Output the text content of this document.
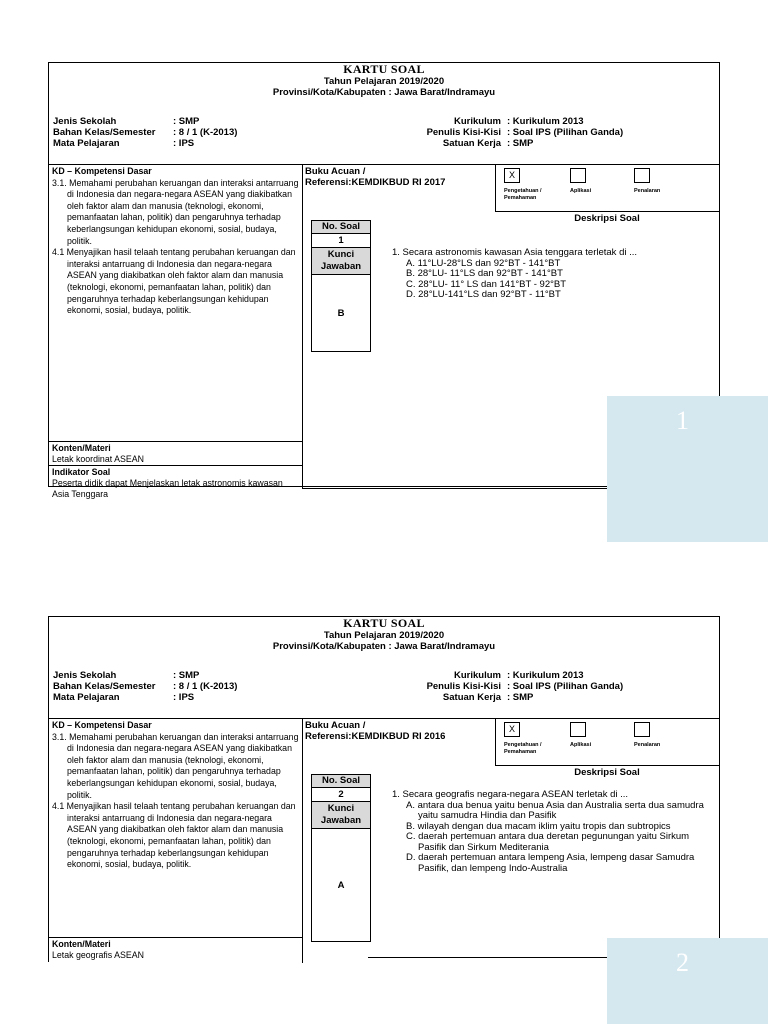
KARTU SOAL
Tahun Pelajaran 2019/2020
Provinsi/Kota/Kabupaten : Jawa Barat/Indramayu
Jenis Sekolah	: SMP
Bahan Kelas/Semester	: 8 / 1 (K-2013)
Mata Pelajaran	: IPS
Kurikulum : Kurikulum 2013
Penulis Kisi-Kisi : Soal IPS (Pilihan Ganda)
Satuan Kerja : SMP
KD – Kompetensi Dasar
3.1. Memahami perubahan keruangan dan interaksi antarruang di Indonesia dan negara-negara ASEAN yang diakibatkan oleh faktor alam dan manusia (teknologi, ekonomi, pemanfaatan lahan, politik) dan pengaruhnya terhadap keberlangsungan kehidupan ekonomi, sosial, budaya, politik.
4.1 Menyajikan hasil telaah tentang perubahan keruangan dan interaksi antarruang di Indonesia dan negara-negara ASEAN yang diakibatkan oleh faktor alam dan manusia (teknologi, ekonomi, pemanfaatan lahan, politik) dan pengaruhnya terhadap keberlangsungan kehidupan ekonomi, sosial, budaya, politik.
Konten/Materi
Letak koordinat ASEAN
Indikator Soal
Peserta didik dapat Menjelaskan letak astronomis kawasan Asia Tenggara
Buku Acuan /
Referensi:KEMDIKBUD RI 2017
X
Pengetahuan / Pemahaman
Aplikasi	Penalaran
Deskripsi Soal
No. Soal
1
Kunci Jawaban
B
1. Secara astronomis kawasan Asia tenggara terletak di ...
A. 11°LU-28°LS dan 92°BT - 141°BT
B. 28°LU- 11°LS dan 92°BT - 141°BT
C. 28°LU- 11° LS dan 141°BT - 92°BT
D. 28°LU-141°LS dan 92°BT - 11°BT
KARTU SOAL
Tahun Pelajaran 2019/2020
Provinsi/Kota/Kabupaten : Jawa Barat/Indramayu
Jenis Sekolah	: SMP
Bahan Kelas/Semester	: 8 / 1 (K-2013)
Mata Pelajaran	: IPS
Kurikulum : Kurikulum 2013
Penulis Kisi-Kisi : Soal IPS (Pilihan Ganda)
Satuan Kerja : SMP
KD – Kompetensi Dasar
3.1. Memahami perubahan keruangan dan interaksi antarruang di Indonesia dan negara-negara ASEAN yang diakibatkan oleh faktor alam dan manusia (teknologi, ekonomi, pemanfaatan lahan, politik) dan pengaruhnya terhadap keberlangsungan kehidupan ekonomi, sosial, budaya, politik.
4.1 Menyajikan hasil telaah tentang perubahan keruangan dan interaksi antarruang di Indonesia dan negara-negara ASEAN yang diakibatkan oleh faktor alam dan manusia (teknologi, ekonomi, pemanfaatan lahan, politik) dan pengaruhnya terhadap keberlangsungan kehidupan ekonomi, sosial, budaya, politik.
Konten/Materi
Letak geografis ASEAN
Buku Acuan /
Referensi:KEMDIKBUD RI 2016
X
Pengetahuan / Pemahaman
Aplikasi	Penalaran
Deskripsi Soal
No. Soal
2
Kunci Jawaban
A
1. Secara geografis negara-negara ASEAN terletak di ...
A. antara dua benua yaitu benua Asia dan Australia serta dua samudra yaitu samudra Hindia dan Pasifik
B. wilayah dengan dua macam iklim yaitu tropis dan subtropics
C. daerah pertemuan antara dua deretan pegunungan yaitu Sirkum Pasifik dan Sirkum Mediterania
D. daerah pertemuan antara lempeng Asia, lempeng dasar Samudra Pasifik, dan lempeng Indo-Australia
1
2
